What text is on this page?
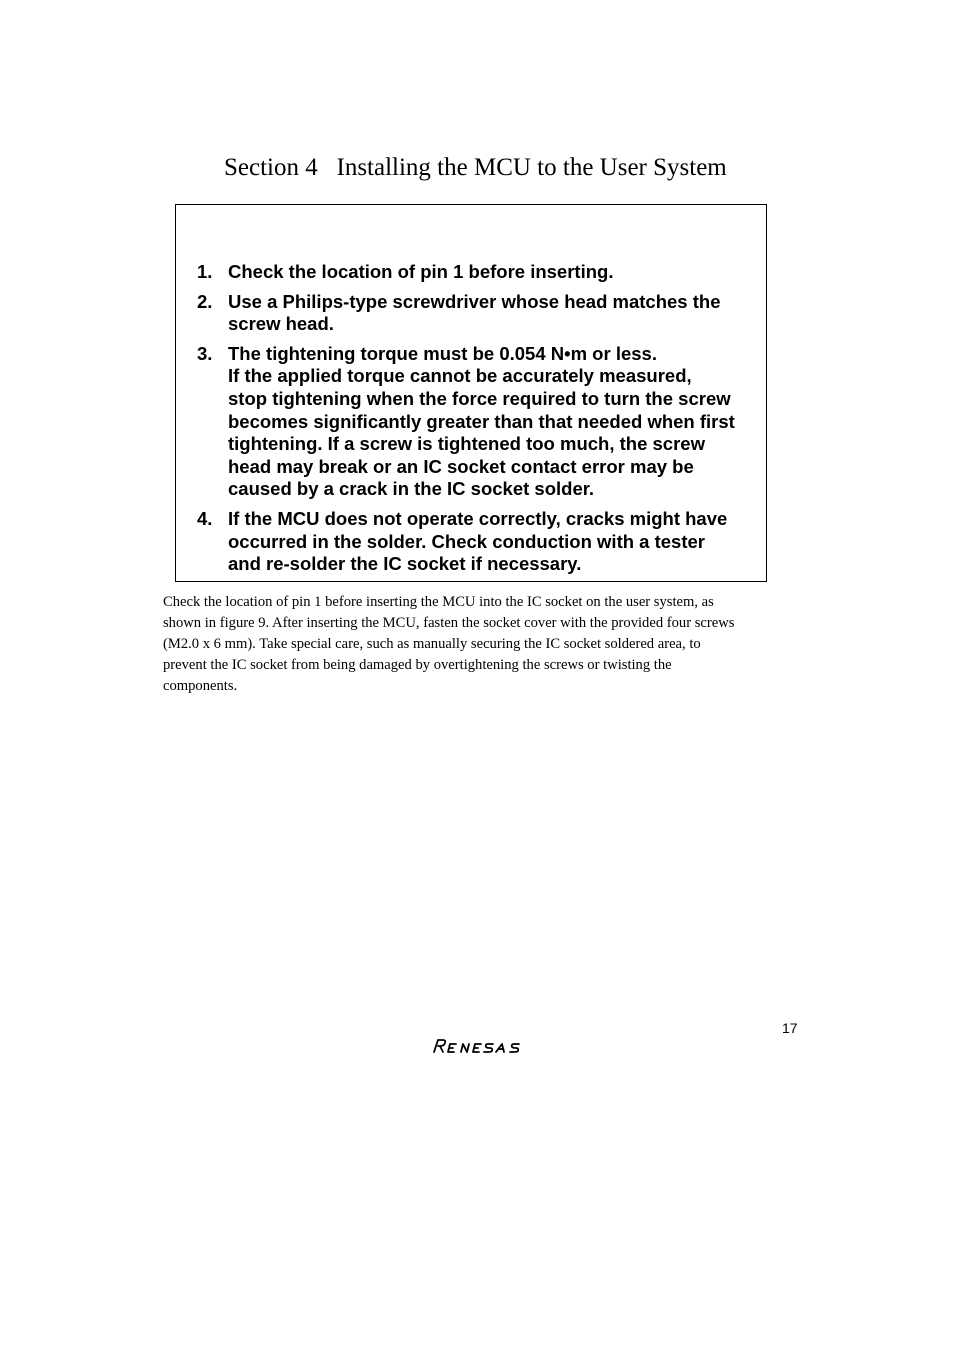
Section 4   Installing the MCU to the User System
1. Check the location of pin 1 before inserting.
2. Use a Philips-type screwdriver whose head matches the
screw head.
3. The tightening torque must be 0.054 N•m or less.
If the applied torque cannot be accurately measured,
stop tightening when the force required to turn the screw
becomes significantly greater than that needed when first
tightening. If a screw is tightened too much, the screw
head may break or an IC socket contact error may be
caused by a crack in the IC socket solder.
4. If the MCU does not operate correctly, cracks might have
occurred in the solder. Check conduction with a tester
and re-solder the IC socket if necessary.
Check the location of pin 1 before inserting the MCU into the IC socket on the user system, as
shown in figure 9. After inserting the MCU, fasten the socket cover with the provided four screws
(M2.0 x 6 mm). Take special care, such as manually securing the IC socket soldered area, to
prevent the IC socket from being damaged by overtightening the screws or twisting the
components.
17
